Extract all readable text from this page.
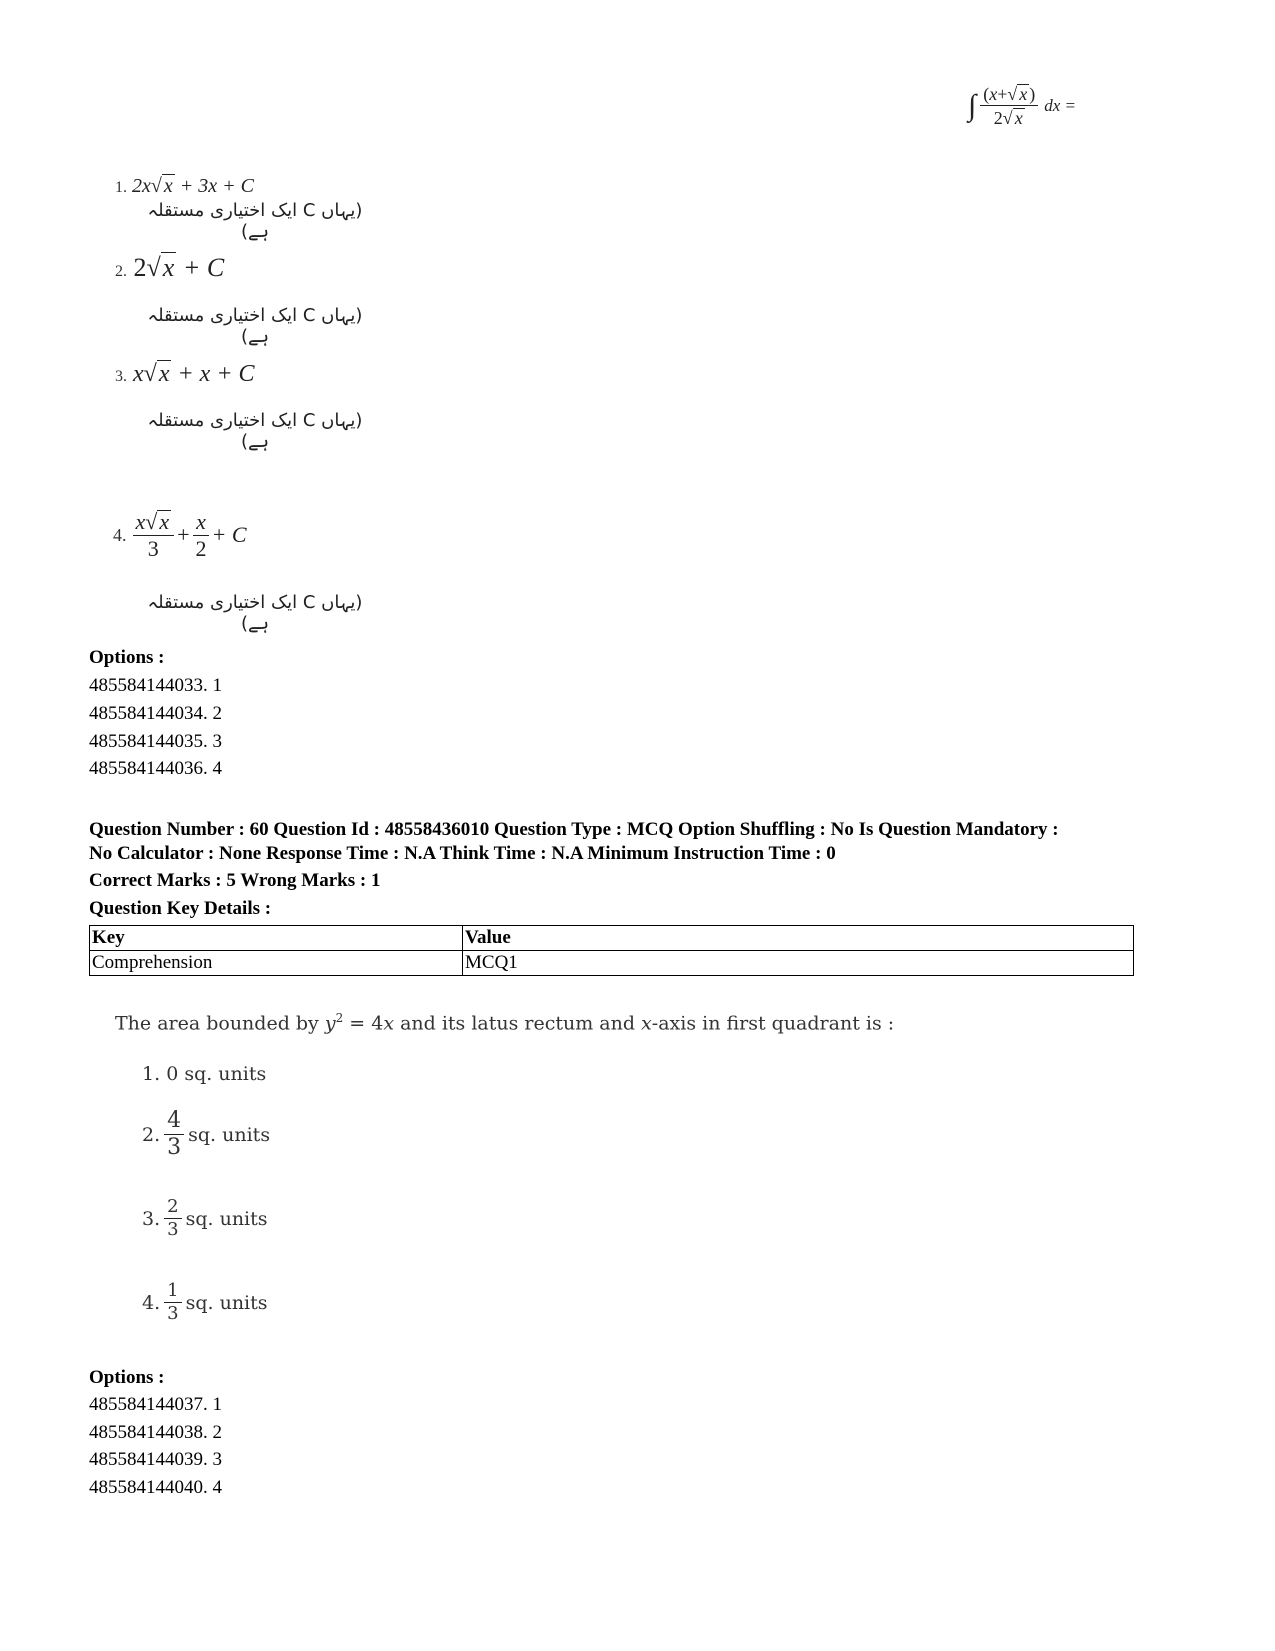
∫ $\frac{(x+√ x )}{2√ x}$ dx =
1. 2x√ x + 3x + C
(یہاں C ایک اختیاری مستقلہ ہے)
2. 2√ x + C
(یہاں C ایک اختیاری مستقلہ ہے)
3. x√ x + x + C
(یہاں C ایک اختیاری مستقلہ ہے)
4. $\frac{x√ x}{3} + \frac{x}{2} + C$
(یہاں C ایک اختیاری مستقلہ ہے)
Options :
485584144033. 1
485584144034. 2
485584144035. 3
485584144036. 4
Question Number : 60 Question Id : 48558436010 Question Type : MCQ Option Shuffling : No Is Question Mandatory :
No Calculator : None Response Time : N.A Think Time : N.A Minimum Instruction Time : 0
Correct Marks : 5 Wrong Marks : 1
Question Key Details :
Key	Value
Comprehension	MCQ1
The area bounded by $y^2 = 4x$ and its latus rectum and x-axis in first quadrant is :
1. 0 sq. units
2. $\frac{4}{3}$ sq. units
3. $\frac{2}{3}$ sq. units
4. $\frac{1}{3}$ sq. units
Options :
485584144037. 1
485584144038. 2
485584144039. 3
485584144040. 4
